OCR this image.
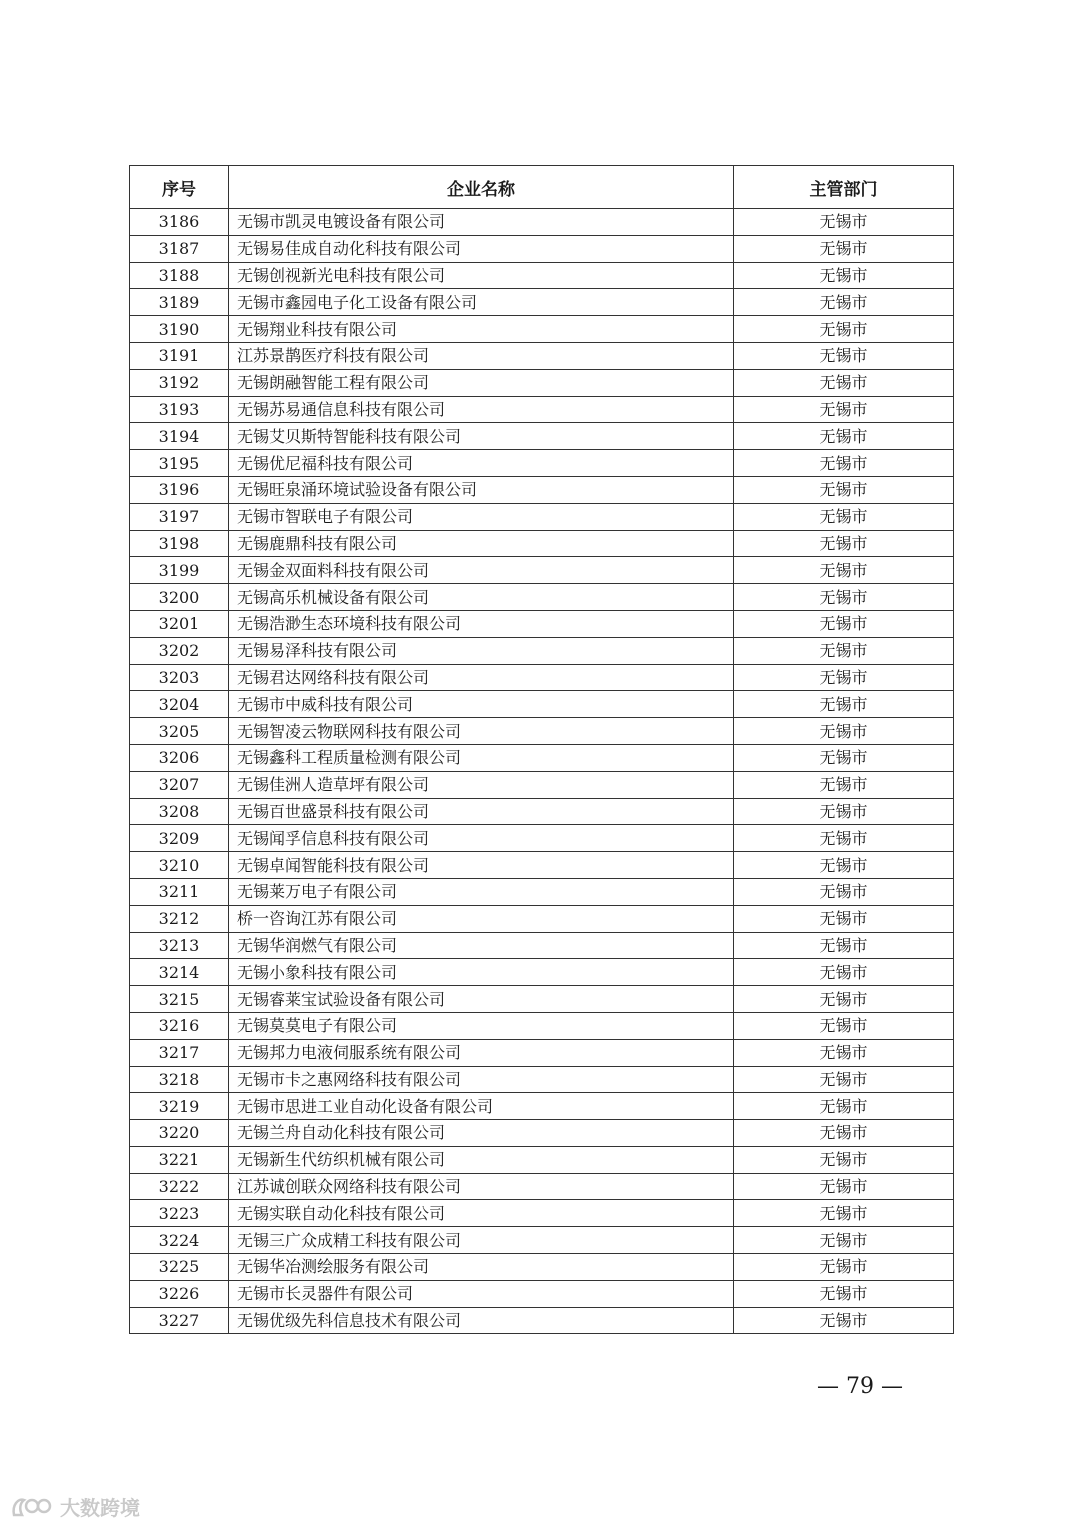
序号	企业名称	主管部门
3186	无锡市凯灵电镀设备有限公司	无锡市
3187	无锡易佳成自动化科技有限公司	无锡市
3188	无锡创视新光电科技有限公司	无锡市
3189	无锡市鑫园电子化工设备有限公司	无锡市
3190	无锡翔业科技有限公司	无锡市
3191	江苏景鹊医疗科技有限公司	无锡市
3192	无锡朗融智能工程有限公司	无锡市
3193	无锡苏易通信息科技有限公司	无锡市
3194	无锡艾贝斯特智能科技有限公司	无锡市
3195	无锡优尼福科技有限公司	无锡市
3196	无锡旺泉涌环境试验设备有限公司	无锡市
3197	无锡市智联电子有限公司	无锡市
3198	无锡鹿鼎科技有限公司	无锡市
3199	无锡金双面料科技有限公司	无锡市
3200	无锡高乐机械设备有限公司	无锡市
3201	无锡浩渺生态环境科技有限公司	无锡市
3202	无锡易泽科技有限公司	无锡市
3203	无锡君达网络科技有限公司	无锡市
3204	无锡市中威科技有限公司	无锡市
3205	无锡智凌云物联网科技有限公司	无锡市
3206	无锡鑫科工程质量检测有限公司	无锡市
3207	无锡佳洲人造草坪有限公司	无锡市
3208	无锡百世盛景科技有限公司	无锡市
3209	无锡闻孚信息科技有限公司	无锡市
3210	无锡卓闻智能科技有限公司	无锡市
3211	无锡莱万电子有限公司	无锡市
3212	桥一咨询江苏有限公司	无锡市
3213	无锡华润燃气有限公司	无锡市
3214	无锡小象科技有限公司	无锡市
3215	无锡睿莱宝试验设备有限公司	无锡市
3216	无锡莫莫电子有限公司	无锡市
3217	无锡邦力电液伺服系统有限公司	无锡市
3218	无锡市卡之惠网络科技有限公司	无锡市
3219	无锡市思进工业自动化设备有限公司	无锡市
3220	无锡兰舟自动化科技有限公司	无锡市
3221	无锡新生代纺织机械有限公司	无锡市
3222	江苏诚创联众网络科技有限公司	无锡市
3223	无锡实联自动化科技有限公司	无锡市
3224	无锡三广众成精工科技有限公司	无锡市
3225	无锡华冶测绘服务有限公司	无锡市
3226	无锡市长灵器件有限公司	无锡市
3227	无锡优级先科信息技术有限公司	无锡市
— 79 —
大数跨境
